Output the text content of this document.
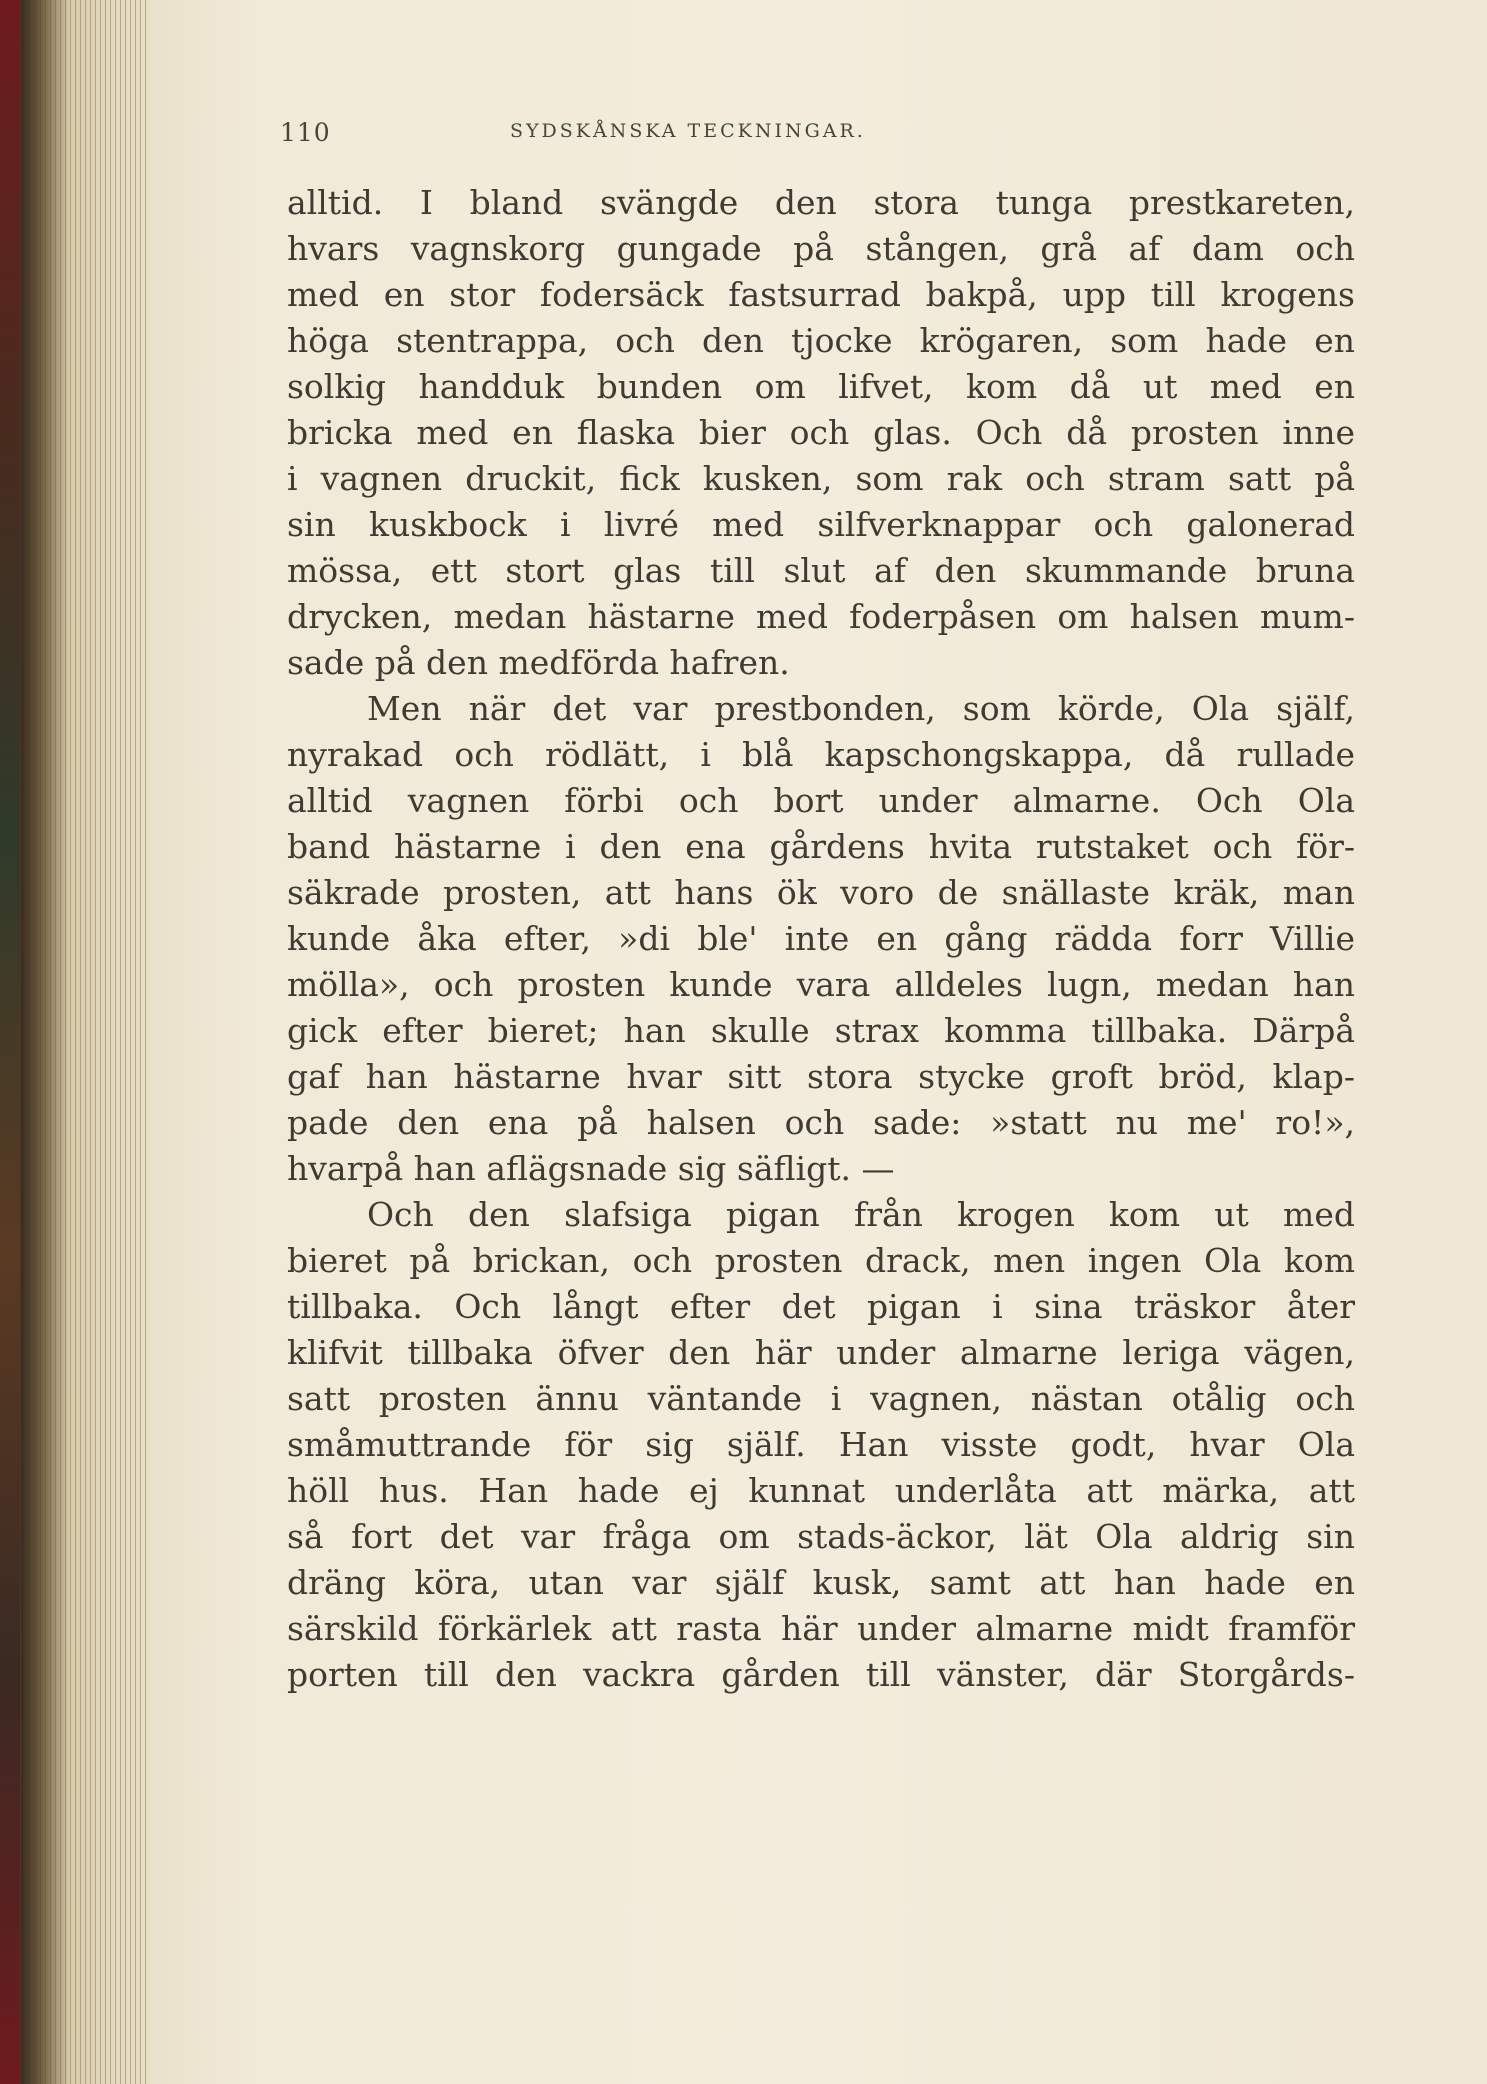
110	SYDSKÅNSKA TECKNINGAR.
alltid. I bland svängde den stora tunga prestkareten,
hvars vagnskorg gungade på stången, grå af dam och
med en stor fodersäck fastsurrad bakpå, upp till krogens
höga stentrappa, och den tjocke krögaren, som hade en
solkig handduk bunden om lifvet, kom då ut med en
bricka med en flaska bier och glas. Och då prosten inne
i vagnen druckit, fick kusken, som rak och stram satt på
sin kuskbock i livré med silfverknappar och galonerad
mössa, ett stort glas till slut af den skummande bruna
drycken, medan hästarne med foderpåsen om halsen mum-
sade på den medförda hafren.
Men när det var prestbonden, som körde, Ola själf,
nyrakad och rödlätt, i blå kapschongskappa, då rullade
alltid vagnen förbi och bort under almarne. Och Ola
band hästarne i den ena gårdens hvita rutstaket och för-
säkrade prosten, att hans ök voro de snällaste kräk, man
kunde åka efter, »di ble' inte en gång rädda forr Villie
mölla», och prosten kunde vara alldeles lugn, medan han
gick efter bieret; han skulle strax komma tillbaka. Därpå
gaf han hästarne hvar sitt stora stycke groft bröd, klap-
pade den ena på halsen och sade: »statt nu me' ro!»,
hvarpå han aflägsnade sig säfligt. —
Och den slafsiga pigan från krogen kom ut med
bieret på brickan, och prosten drack, men ingen Ola kom
tillbaka. Och långt efter det pigan i sina träskor åter
klifvit tillbaka öfver den här under almarne leriga vägen,
satt prosten ännu väntande i vagnen, nästan otålig och
småmuttrande för sig själf. Han visste godt, hvar Ola
höll hus. Han hade ej kunnat underlåta att märka, att
så fort det var fråga om stads-äckor, lät Ola aldrig sin
dräng köra, utan var själf kusk, samt att han hade en
särskild förkärlek att rasta här under almarne midt framför
porten till den vackra gården till vänster, där Storgårds-
